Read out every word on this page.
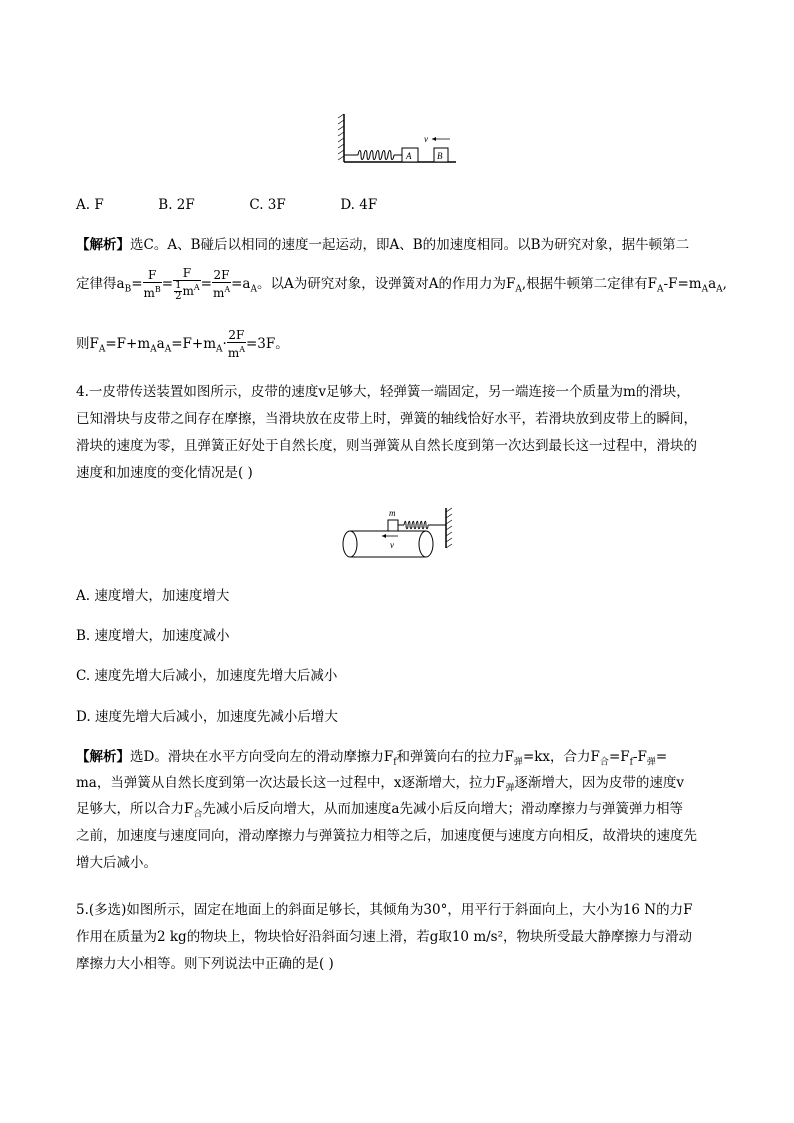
A	B
v
A. F	B. 2F	C. 3F	D. 4F
【解析】选C。A、B碰后以相同的速度一起运动，即A、B的加速度相同。以B为研究对象，据牛顿第二
定律得$a_B= \frac{F}{m^B} = \frac{F}{\frac{1}{2} m^A} = \frac{2F}{m^A} =a_A$。以A为研究对象，设弹簧对A的作用力为$F_A$,根据牛顿第二定律有$F_A-F=m_Aa_A$,
则$F_A=F+m_Aa_A=F+m_A\cdot \frac{2F}{m^A} =3F$。
4.一皮带传送装置如图所示，皮带的速度v足够大，轻弹簧一端固定，另一端连接一个质量为m的滑块，
已知滑块与皮带之间存在摩擦，当滑块放在皮带上时，弹簧的轴线恰好水平，若滑块放到皮带上的瞬间，
滑块的速度为零，且弹簧正好处于自然长度，则当弹簧从自然长度到第一次达到最长这一过程中，滑块的
速度和加速度的变化情况是( )
m
v
A. 速度增大，加速度增大
B. 速度增大，加速度减小
C. 速度先增大后减小，加速度先增大后减小
D. 速度先增大后减小，加速度先减小后增大
【解析】选D。滑块在水平方向受向左的滑动摩擦力$F_f$和弹簧向右的拉力$F_弹=kx$，合力$F_合=F_f-F_弹=$
ma，当弹簧从自然长度到第一次达最长这一过程中，x逐渐增大，拉力$F_弹$逐渐增大，因为皮带的速度v
足够大，所以合力$F_合$先减小后反向增大，从而加速度a先减小后反向增大；滑动摩擦力与弹簧弹力相等
之前，加速度与速度同向，滑动摩擦力与弹簧拉力相等之后，加速度便与速度方向相反，故滑块的速度先
增大后减小。
5.(多选)如图所示，固定在地面上的斜面足够长，其倾角为30°，用平行于斜面向上，大小为16 N的力F
作用在质量为2 kg的物块上，物块恰好沿斜面匀速上滑，若g取10 m/s²，物块所受最大静摩擦力与滑动
摩擦力大小相等。则下列说法中正确的是( )
